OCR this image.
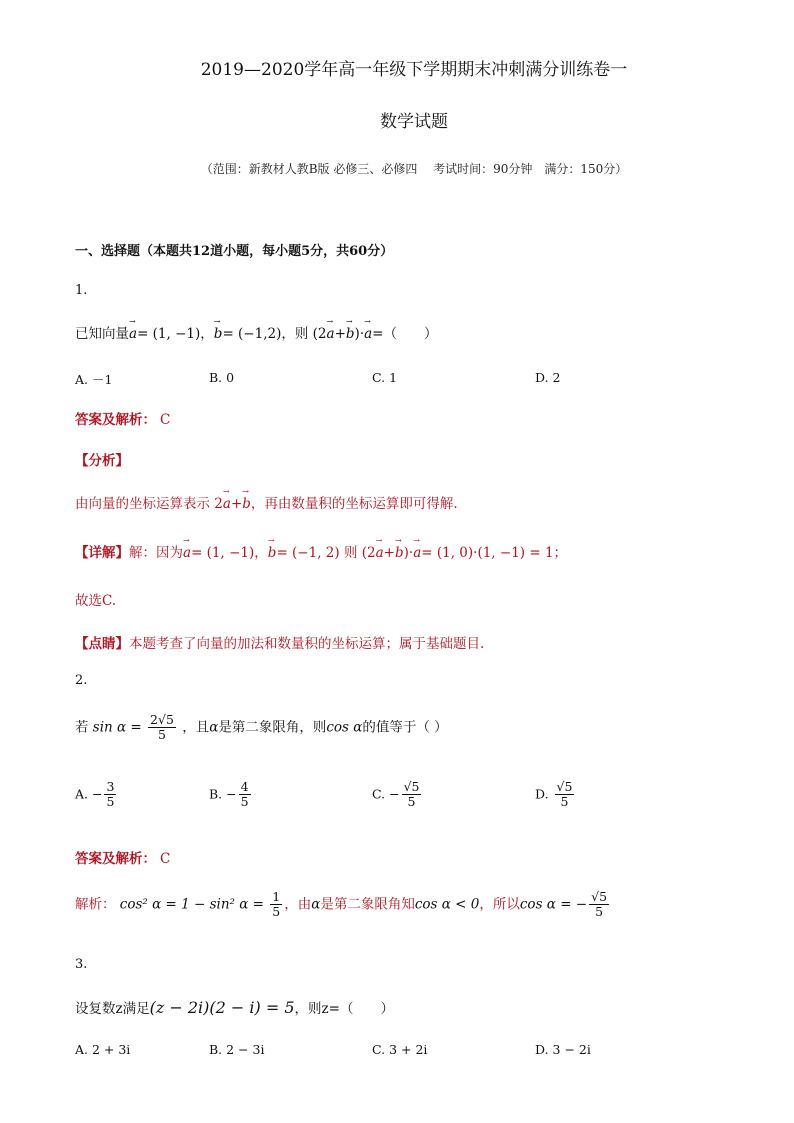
2019—2020学年高一年级下学期期末冲刺满分训练卷一
数学试题
（范围：新教材人教B版 必修三、必修四　 考试时间：90分钟　满分：150分）
一、选择题（本题共12道小题，每小题5分，共60分）
1.
已知向量→ a= (1, −1)，→ b= (−1,2)，则 (2→ a+→ b)·→ a=（　　）
A. －1	B. 0	C. 1	D. 2
答案及解析： C
【分析】
由向量的坐标运算表示 2→ a+→ b，再由数量积的坐标运算即可得解.
【详解】解：因为→ a= (1, −1)，→ b= (−1, 2) 则 (2→ a+→ b)·→ a= (1, 0)·(1, −1) = 1；
故选C.
【点睛】本题考查了向量的加法和数量积的坐标运算；属于基础题目.
2.
若 $\sin \alpha = \frac{2√5}{5}$ ，且α是第二象限角，则cos α的值等于（ ）
A. − $\frac{3}{5}$	B. − $\frac{4}{5}$	C. − $\frac{√5}{5}$	D. $\frac{√5}{5}$
答案及解析： C
解析： cos² α = 1 − sin² $\alpha = \frac{1}{5}$ ，由α是第二象限角知cos α < 0，所以cos α = − $\frac{√5}{5}$
3.
设复数z满足(z − 2i)(2 − i) = 5，则z=（　　）
A. 2 + 3i	B. 2 − 3i	C. 3 + 2i	D. 3 − 2i
